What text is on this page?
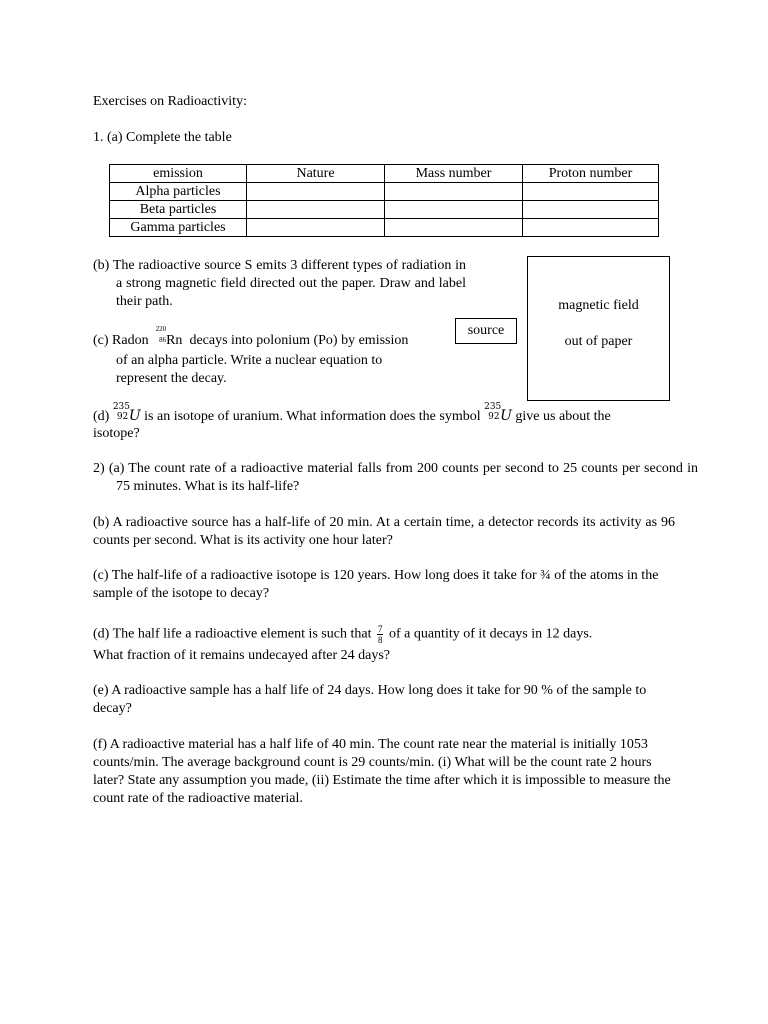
Exercises on Radioactivity:
1. (a) Complete the table
emission	Nature	Mass number	Proton number
Alpha particles			
Beta particles			
Gamma particles			
(b) The radioactive source S emits 3 different types of radiation in a strong magnetic field directed out the paper. Draw and label their path.
source
magnetic field
out of paper
(c) Radon
220
86 Rn decays into polonium (Po) by emission
of an alpha particle. Write a nuclear equation to
represent the decay.
(d)
235
92 U is an isotope of uranium. What information does the symbol
235
92 U give us about the
isotope?
2) (a) The count rate of a radioactive material falls from 200 counts per second to 25 counts per second in 75 minutes. What is its half-life?
(b) A radioactive source has a half-life of 20 min. At a certain time, a detector records its activity as 96 counts per second. What is its activity one hour later?
(c) The half-life of a radioactive isotope is 120 years. How long does it take for ¾ of the atoms in the sample of the isotope to decay?
(d) The half life a radioactive element is such that $\frac{7}{8}$ of a quantity of it decays in 12 days.
What fraction of it remains undecayed after 24 days?
(e) A radioactive sample has a half life of 24 days. How long does it take for 90 % of the sample to decay?
(f) A radioactive material has a half life of 40 min. The count rate near the material is initially 1053 counts/min. The average background count is 29 counts/min. (i) What will be the count rate 2 hours later? State any assumption you made, (ii) Estimate the time after which it is impossible to measure the count rate of the radioactive material.
